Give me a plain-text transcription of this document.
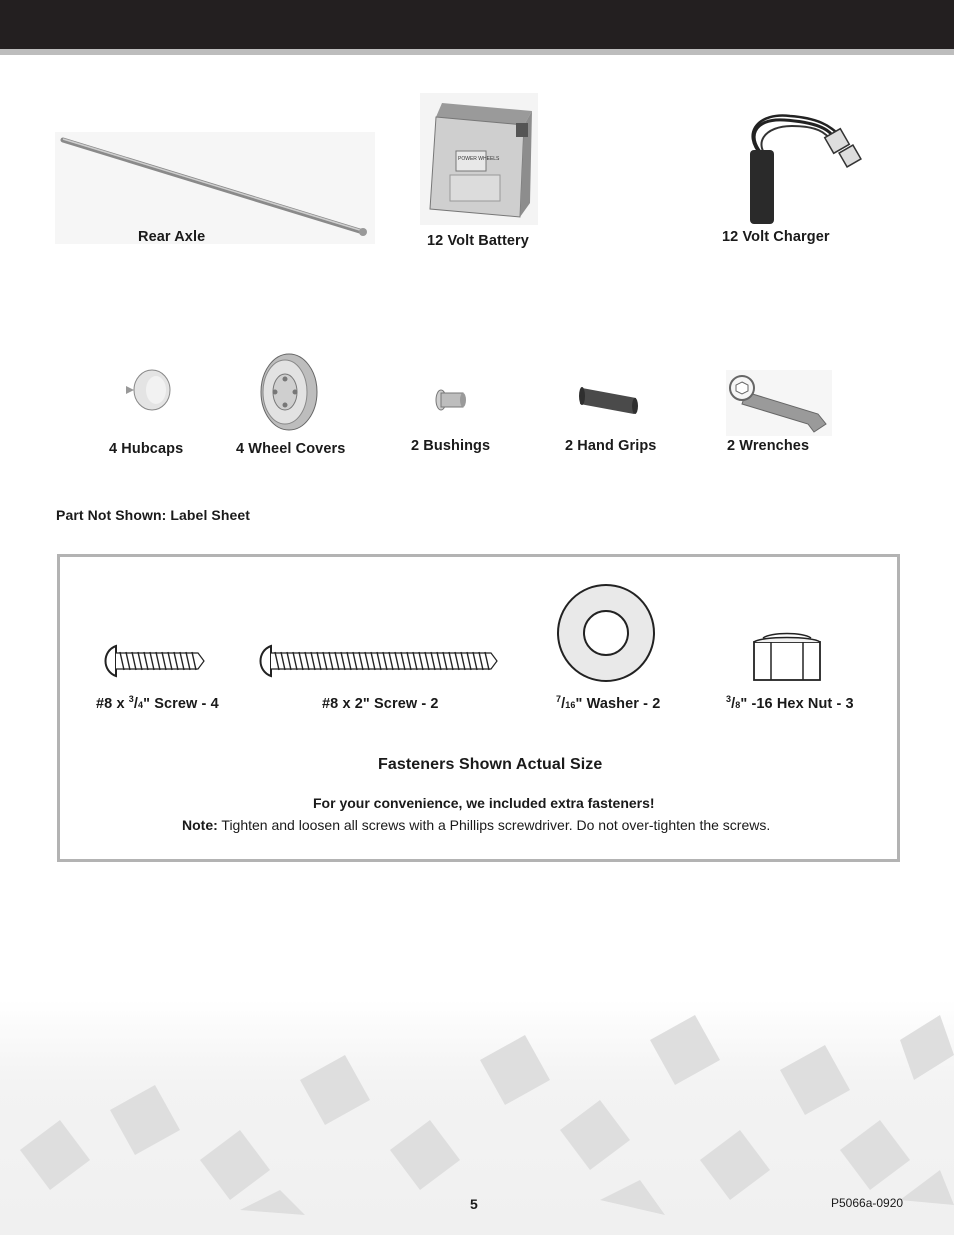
Rear Axle
POWER WHEELS
12 Volt Battery	12 Volt Charger
4 Hubcaps	4 Wheel Covers	2 Bushings	2 Hand Grips	2 Wrenches
Part Not Shown: Label Sheet
#8 x $^3$/4" Screw - 4	#8 x 2" Screw - 2	$^7$/16" Washer - 2	$^3$/8" -16 Hex Nut - 3
Fasteners Shown Actual Size
For your convenience, we included extra fasteners!
Note: Tighten and loosen all screws with a Phillips screwdriver. Do not over-tighten the screws.
5	P5066a-0920
